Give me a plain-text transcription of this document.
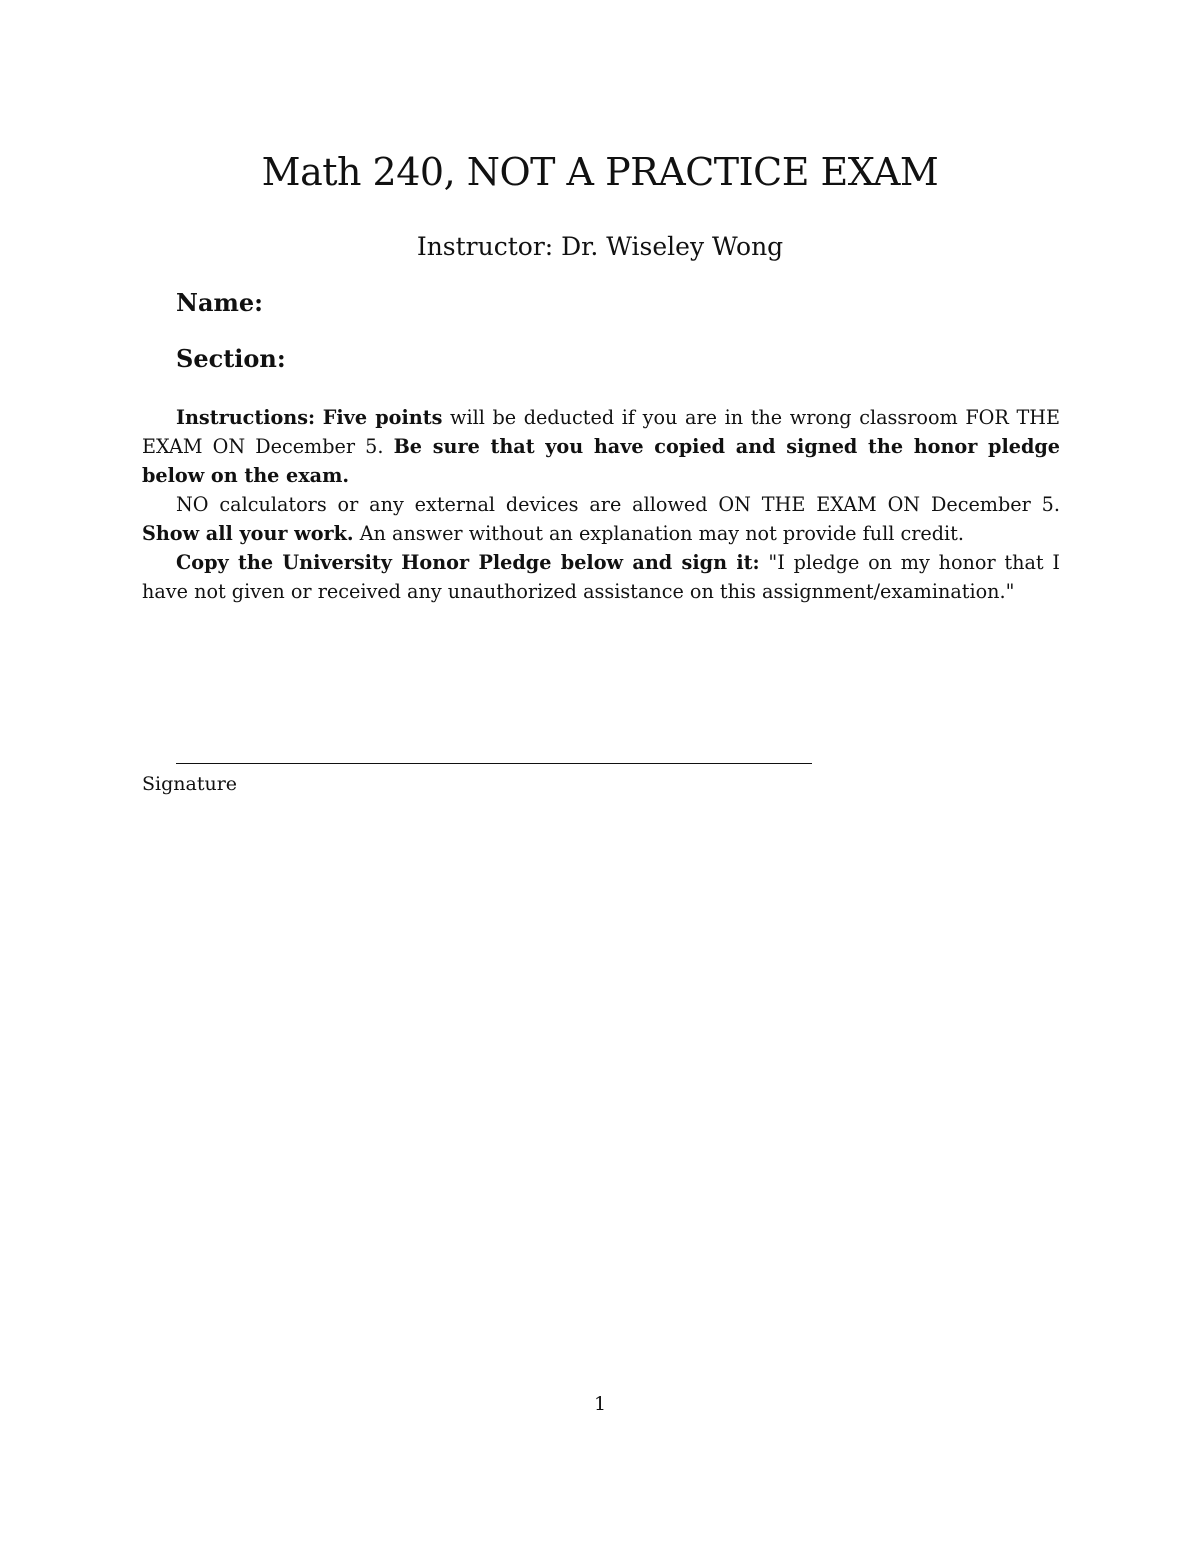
Math 240, NOT A PRACTICE EXAM
Instructor: Dr. Wiseley Wong
Name:
Section:

Instructions: Five points will be deducted if you are in the wrong classroom FOR THE EXAM ON December 5. Be sure that you have copied and signed the honor pledge below on the exam.

NO calculators or any external devices are allowed ON THE EXAM ON December 5. Show all your work. An answer without an explanation may not provide full credit.

Copy the University Honor Pledge below and sign it: "I pledge on my honor that I have not given or received any unauthorized assistance on this assignment/examination."

Signature
1
